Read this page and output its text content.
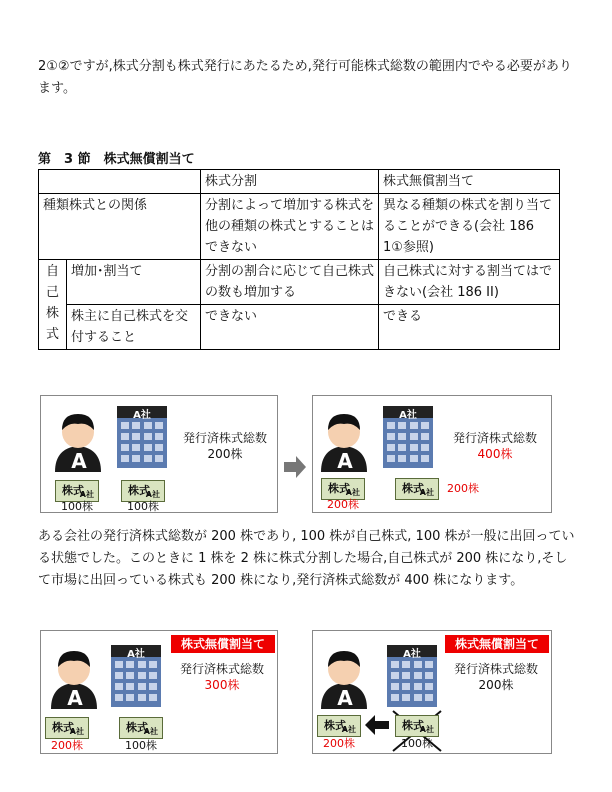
2①②ですが,株式分割も株式発行にあたるため,発行可能株式総数の範囲内でやる必要があります。

第　3 節　株式無償割当て

		株式分割	株式無償割当て
種類株式との関係		分割によって増加する株式を他の種類の株式とすることはできない	異なる種類の株式を割り当てることができる(会社 186 1①参照)
自
己
株
式	増加･割当て	分割の割合に応じて自己株式の数も増加する	自己株式に対する割当てはできない(会社 186 II)
	株主に自己株式を交付すること	できない	できる
A
A社
発行済株式総数
200株
株式
A社
100株
株式
A社
100株
A
A社
発行済株式総数
400株
株式
A社
200株
株式
A社	200株

ある会社の発行済株式総数が 200 株であり, 100 株が自己株式, 100 株が一般に出回っている状態でした。このときに 1 株を 2 株に株式分割した場合,自己株式が 200 株になり,そして市場に出回っている株式も 200 株になり,発行済株式総数が 400 株になります。

株式無償割当て
A
A社
発行済株式総数
300株
株式
A社
200株
株式
A社
100株
株式無償割当て
A
A社
発行済株式総数
200株
株式
A社
200株
株式
A社
100株
